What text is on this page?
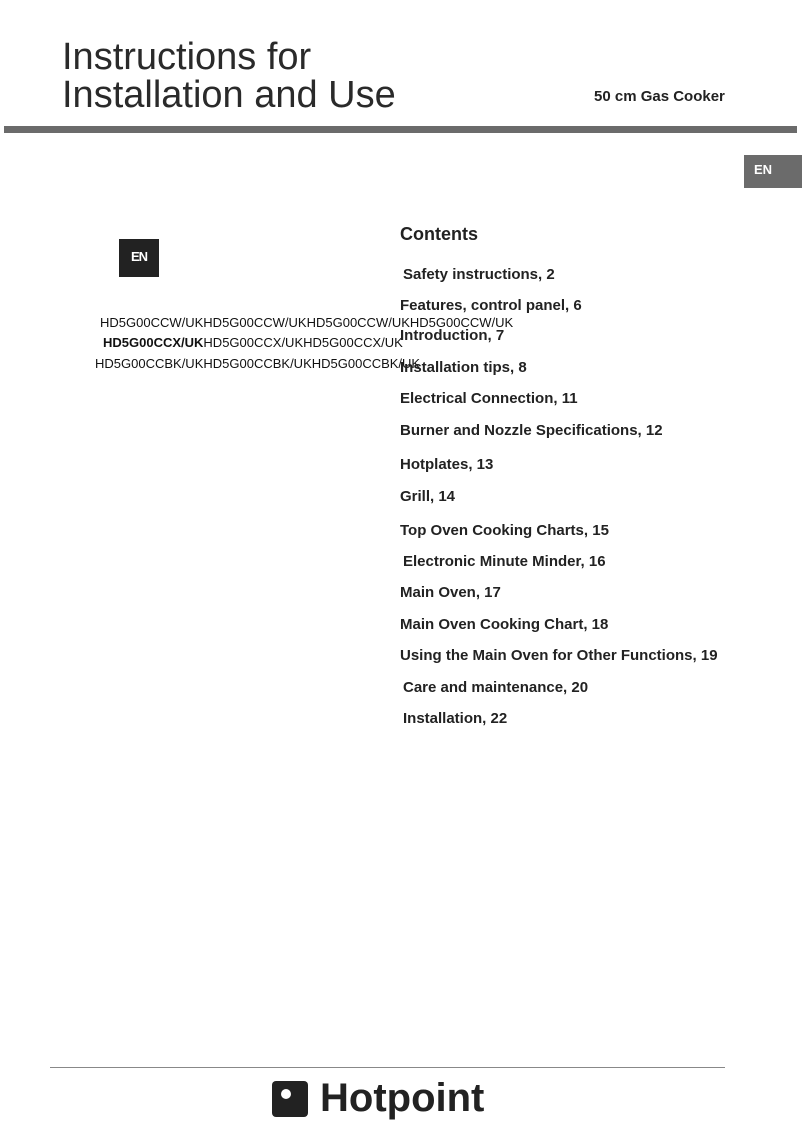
Instructions for
Installation and Use	50 cm Gas Cooker
EN
EN
HD5G00CCW/UKHD5G00CCW/UKHD5G00CCW/UKHD5G00CCW/UK
HD5G00CCX/UKHD5G00CCX/UKHD5G00CCX/UK
HD5G00CCBK/UKHD5G00CCBK/UKHD5G00CCBK/UK
Contents
Safety instructions, 2
Features, control panel, 6
Introduction, 7
Installation tips, 8
Electrical Connection, 11
Burner and Nozzle Specifications, 12
Hotplates, 13
Grill, 14
Top Oven Cooking Charts, 15
Electronic Minute Minder, 16
Main Oven, 17
Main Oven Cooking Chart, 18
Using the Main Oven for Other Functions, 19
Care and maintenance, 20
Installation, 22
Hotpoint
